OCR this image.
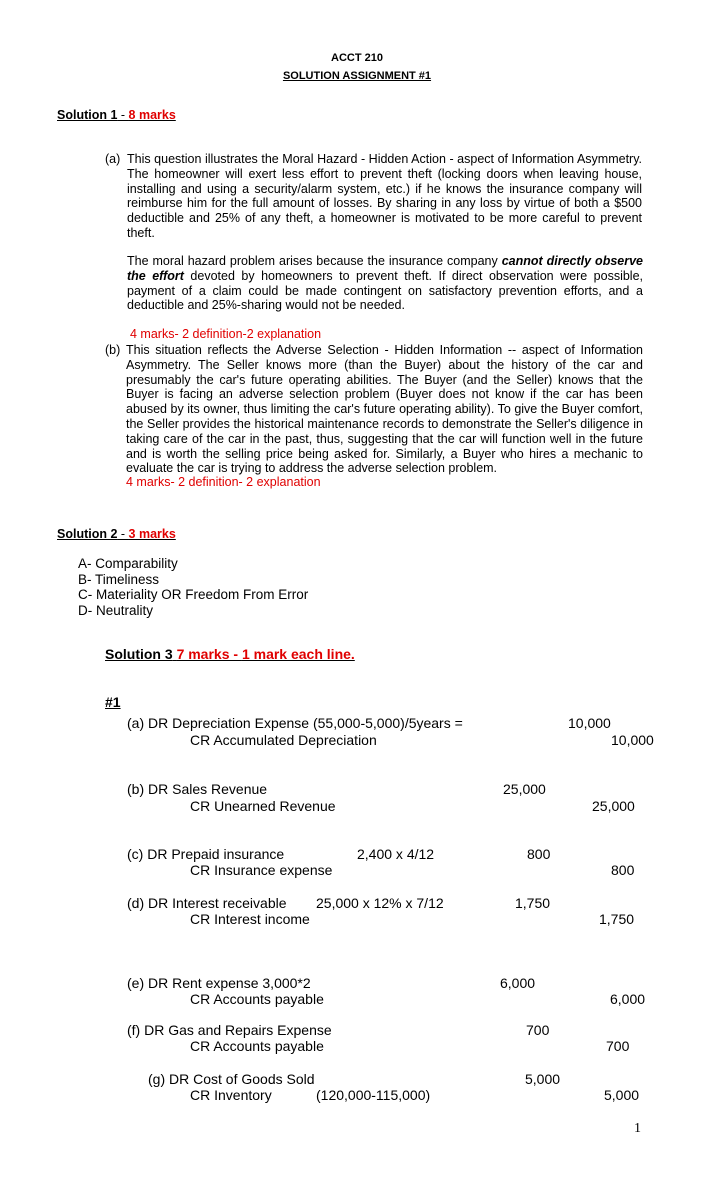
ACCT 210
SOLUTION ASSIGNMENT #1
Solution 1 - 8 marks
(a) This question illustrates the Moral Hazard - Hidden Action - aspect of Information Asymmetry. The homeowner will exert less effort to prevent theft (locking doors when leaving house, installing and using a security/alarm system, etc.) if he knows the insurance company will reimburse him for the full amount of losses. By sharing in any loss by virtue of both a $500 deductible and 25% of any theft, a homeowner is motivated to be more careful to prevent theft.
The moral hazard problem arises because the insurance company cannot directly observe the effort devoted by homeowners to prevent theft. If direct observation were possible, payment of a claim could be made contingent on satisfactory prevention efforts, and a deductible and 25%-sharing would not be needed.
4 marks- 2 definition-2 explanation
(b) This situation reflects the Adverse Selection - Hidden Information -- aspect of Information Asymmetry. The Seller knows more (than the Buyer) about the history of the car and presumably the car's future operating abilities. The Buyer (and the Seller) knows that the Buyer is facing an adverse selection problem (Buyer does not know if the car has been abused by its owner, thus limiting the car's future operating ability). To give the Buyer comfort, the Seller provides the historical maintenance records to demonstrate the Seller's diligence in taking care of the car in the past, thus, suggesting that the car will function well in the future and is worth the selling price being asked for. Similarly, a Buyer who hires a mechanic to evaluate the car is trying to address the adverse selection problem.
4 marks- 2 definition- 2 explanation
Solution 2 - 3 marks
A- Comparability
B- Timeliness
C- Materiality OR Freedom From Error
D- Neutrality
Solution 3 7 marks - 1 mark each line.
#1
(a) DR Depreciation Expense (55,000-5,000)/5years =	10,000
CR Accumulated Depreciation	10,000
(b) DR Sales Revenue	25,000
CR Unearned Revenue	25,000
(c) DR Prepaid insurance	2,400 x 4/12	800
CR Insurance expense	800
(d) DR Interest receivable 25,000 x 12% x 7/12	1,750
CR Interest income	1,750
(e) DR Rent expense 3,000*2	6,000
CR Accounts payable	6,000
(f) DR Gas and Repairs Expense	700
CR Accounts payable	700
(g) DR Cost of Goods Sold	5,000
CR Inventory	(120,000-115,000)	5,000
1
